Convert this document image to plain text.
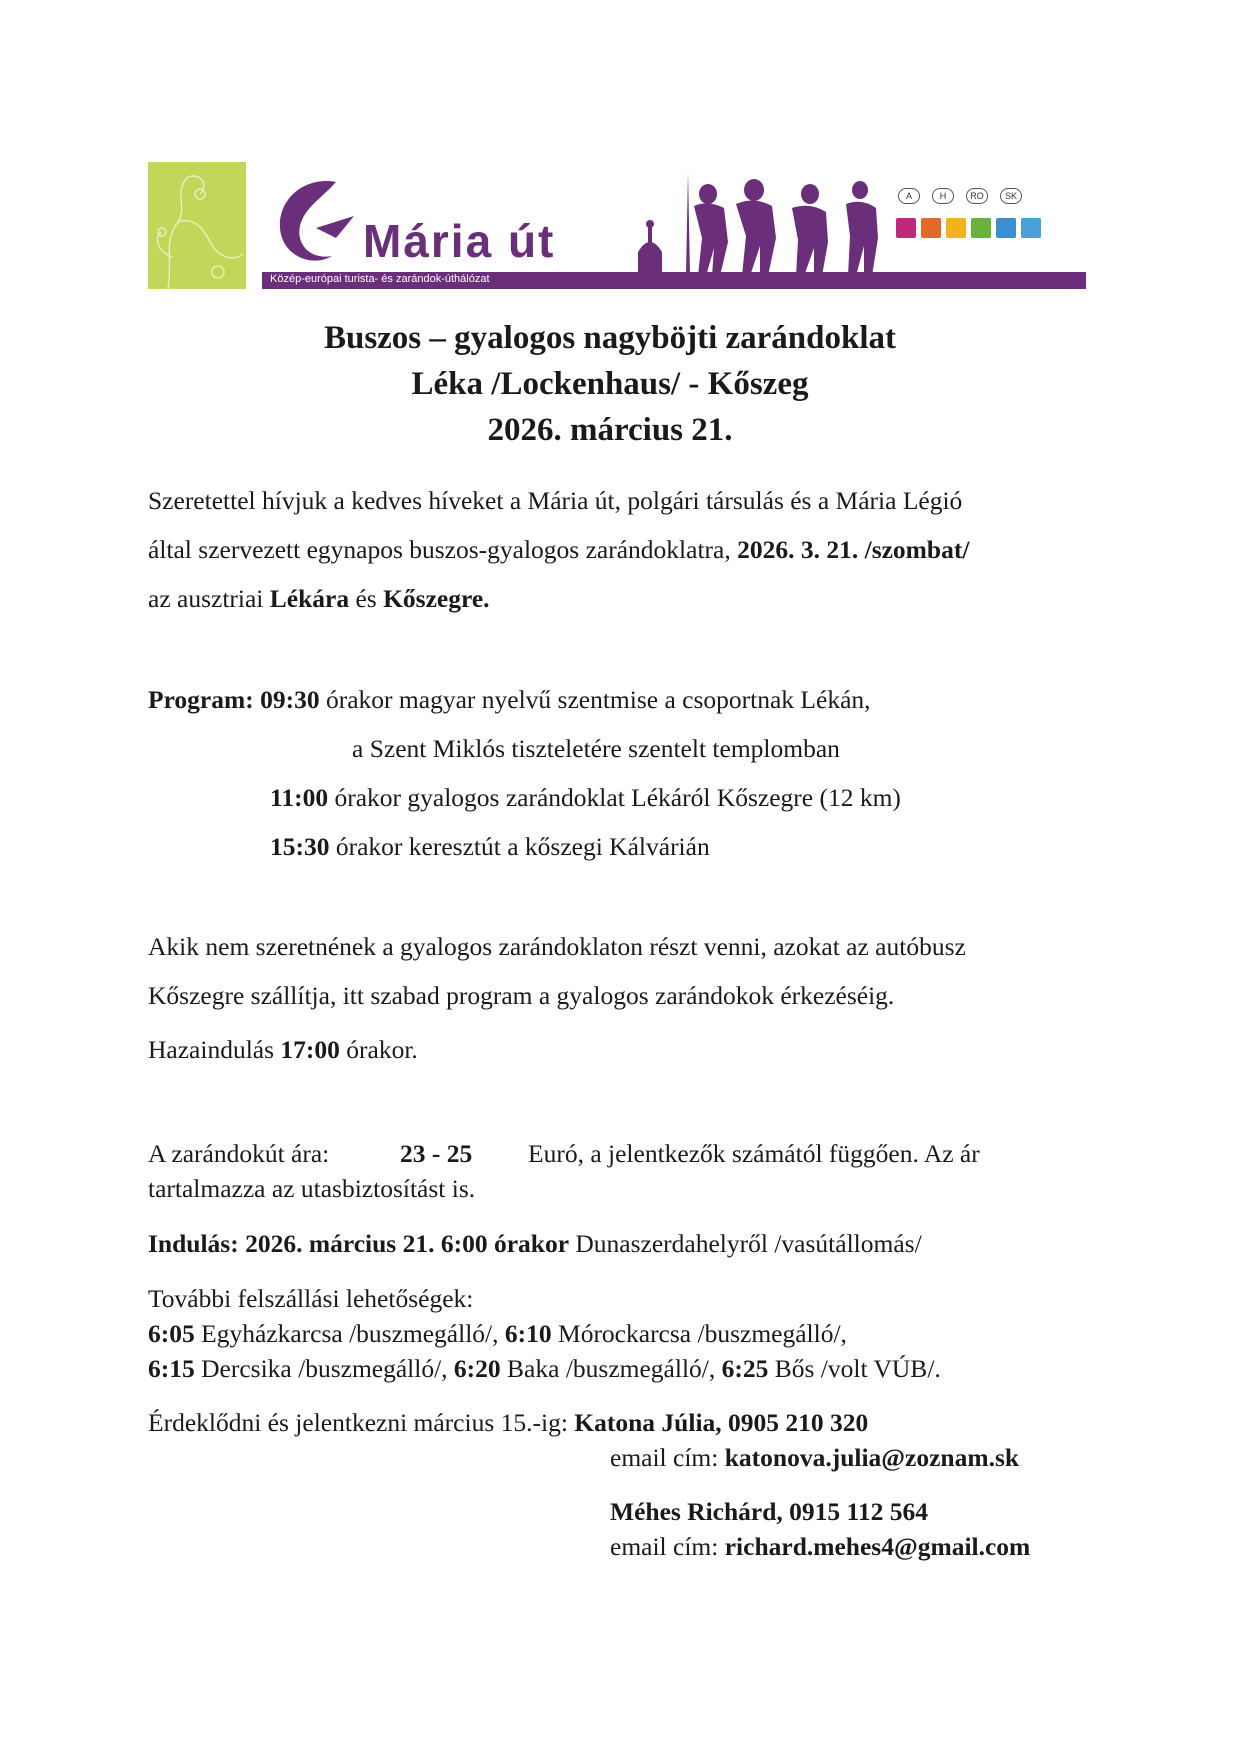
Mária út
Közép-európai turista- és zarándok-úthálózat
A	H	RO	SK
Buszos – gyalogos nagyböjti zarándoklat
Léka /Lockenhaus/ - Kőszeg
2026. március 21.
Szeretettel hívjuk a kedves híveket a Mária út, polgári társulás és a Mária Légió
által szervezett egynapos buszos-gyalogos zarándoklatra, 2026. 3. 21. /szombat/
az ausztriai Lékára és Kőszegre.
Program: 09:30 órakor magyar nyelvű szentmise a csoportnak Lékán,
a Szent Miklós tiszteletére szentelt templomban
11:00 órakor gyalogos zarándoklat Lékáról Kőszegre (12 km)
15:30 órakor keresztút a kőszegi Kálvárián
Akik nem szeretnének a gyalogos zarándoklaton részt venni, azokat az autóbusz
Kőszegre szállítja, itt szabad program a gyalogos zarándokok érkezéséig.
Hazaindulás 17:00 órakor.
A zarándokút ára:	23 - 25 Euró, a jelentkezők számától függően. Az ár
tartalmazza az utasbiztosítást is.
Indulás: 2026. március 21. 6:00 órakor Dunaszerdahelyről /vasútállomás/
További felszállási lehetőségek:
6:05 Egyházkarcsa /buszmegálló/, 6:10 Mórockarcsa /buszmegálló/,
6:15 Dercsika /buszmegálló/, 6:20 Baka /buszmegálló/, 6:25 Bős /volt VÚB/.
Érdeklődni és jelentkezni március 15.-ig: Katona Júlia, 0905 210 320
email cím: katonova.julia@zoznam.sk
Méhes Richárd, 0915 112 564
email cím: richard.mehes4@gmail.com
